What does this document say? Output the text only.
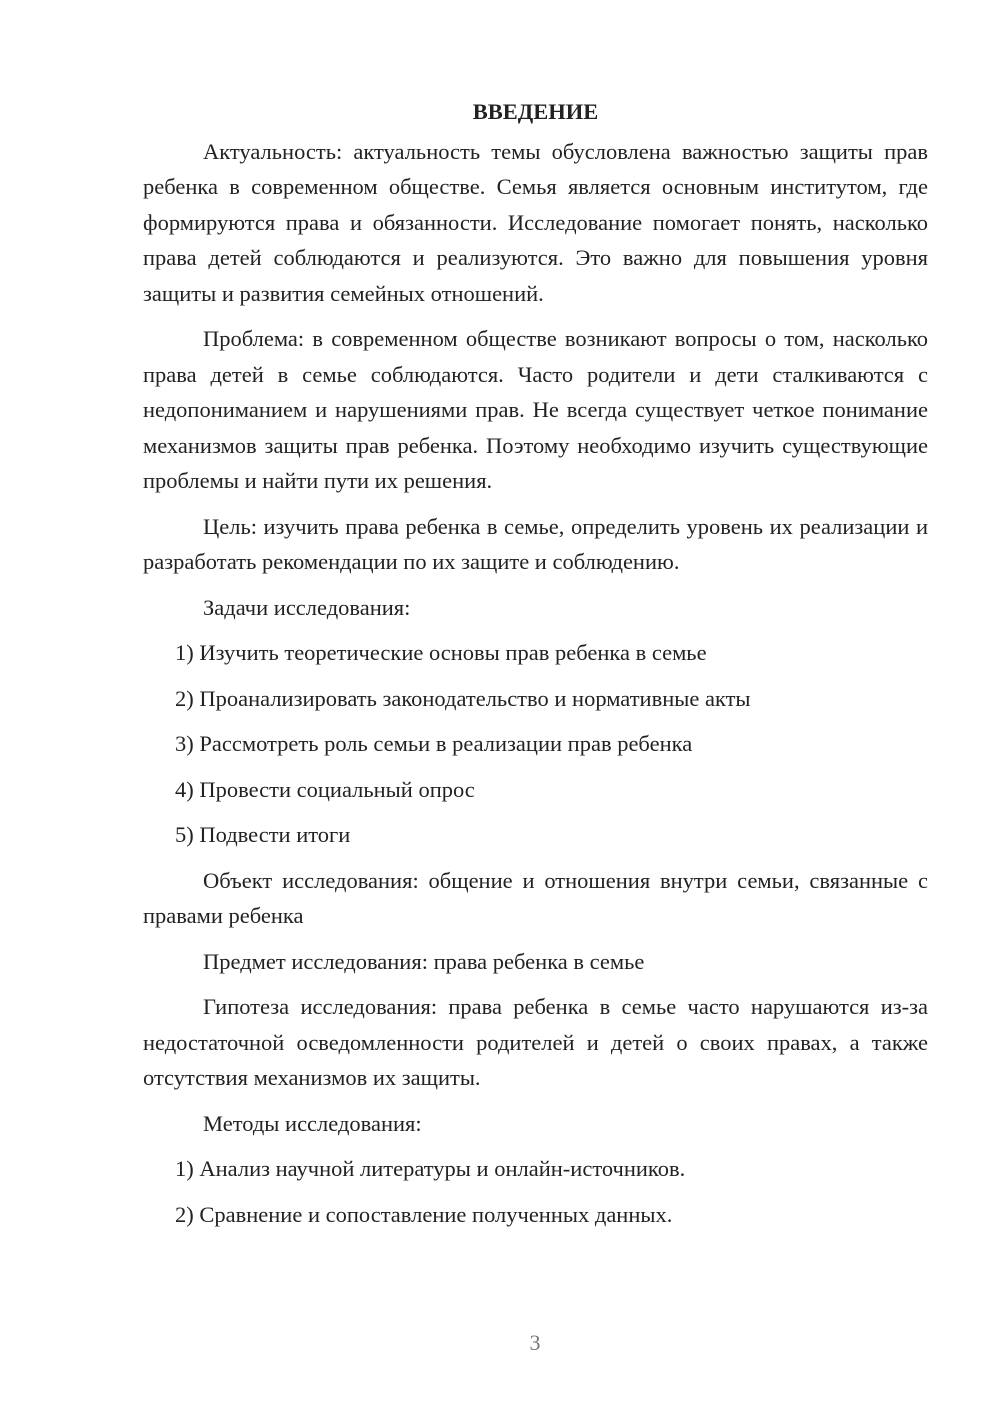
ВВЕДЕНИЕ

Актуальность: актуальность темы обусловлена важностью защиты прав ребенка в современном обществе. Семья является основным институтом, где формируются права и обязанности. Исследование помогает понять, насколько права детей соблюдаются и реализуются. Это важно для повышения уровня защиты и развития семейных отношений.

Проблема: в современном обществе возникают вопросы о том, насколько права детей в семье соблюдаются. Часто родители и дети сталкиваются с недопониманием и нарушениями прав. Не всегда существует четкое понимание механизмов защиты прав ребенка. Поэтому необходимо изучить существующие проблемы и найти пути их решения.

Цель: изучить права ребенка в семье, определить уровень их реализации и разработать рекомендации по их защите и соблюдению.

Задачи исследования:

1) Изучить теоретические основы прав ребенка в семье

2) Проанализировать законодательство и нормативные акты

3) Рассмотреть роль семьи в реализации прав ребенка

4) Провести социальный опрос

5) Подвести итоги

Объект исследования: общение и отношения внутри семьи, связанные с правами ребенка

Предмет исследования: права ребенка в семье

Гипотеза исследования: права ребенка в семье часто нарушаются из-за недостаточной осведомленности родителей и детей о своих правах, а также отсутствия механизмов их защиты.

Методы исследования:

1) Анализ научной литературы и онлайн-источников.

2) Сравнение и сопоставление полученных данных.

3
